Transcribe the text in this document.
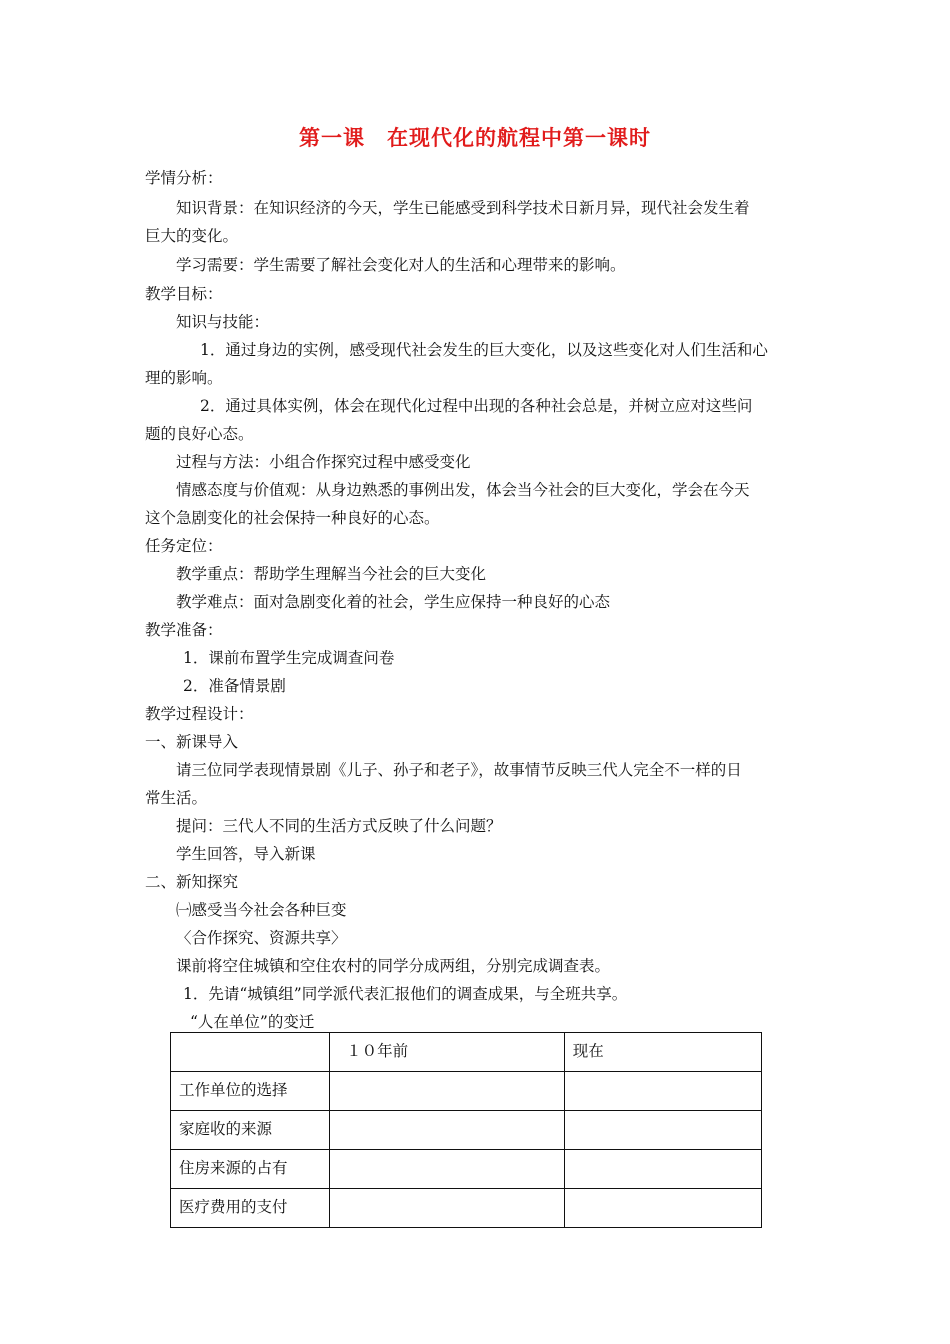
第一课　在现代化的航程中第一课时
学情分析：
知识背景：在知识经济的今天，学生已能感受到科学技术日新月异，现代社会发生着
巨大的变化。
学习需要：学生需要了解社会变化对人的生活和心理带来的影响。
教学目标：
知识与技能：
1．通过身边的实例，感受现代社会发生的巨大变化，以及这些变化对人们生活和心
理的影响。
2．通过具体实例，体会在现代化过程中出现的各种社会总是，并树立应对这些问
题的良好心态。
过程与方法：小组合作探究过程中感受变化
情感态度与价值观：从身边熟悉的事例出发，体会当今社会的巨大变化，学会在今天
这个急剧变化的社会保持一种良好的心态。
任务定位：
教学重点：帮助学生理解当今社会的巨大变化
教学难点：面对急剧变化着的社会，学生应保持一种良好的心态
教学准备：
1．课前布置学生完成调查问卷
2．准备情景剧
教学过程设计：
一、新课导入
请三位同学表现情景剧《儿子、孙子和老子》，故事情节反映三代人完全不一样的日
常生活。
提问：三代人不同的生活方式反映了什么问题？
学生回答，导入新课
二、新知探究
㈠感受当今社会各种巨变
〈合作探究、资源共享〉
课前将空住城镇和空住农村的同学分成两组，分别完成调查表。
1．先请“城镇组”同学派代表汇报他们的调查成果，与全班共享。
“人在单位”的变迁
	１０年前	现在
工作单位的选择		
家庭收的来源		
住房来源的占有		
医疗费用的支付		
